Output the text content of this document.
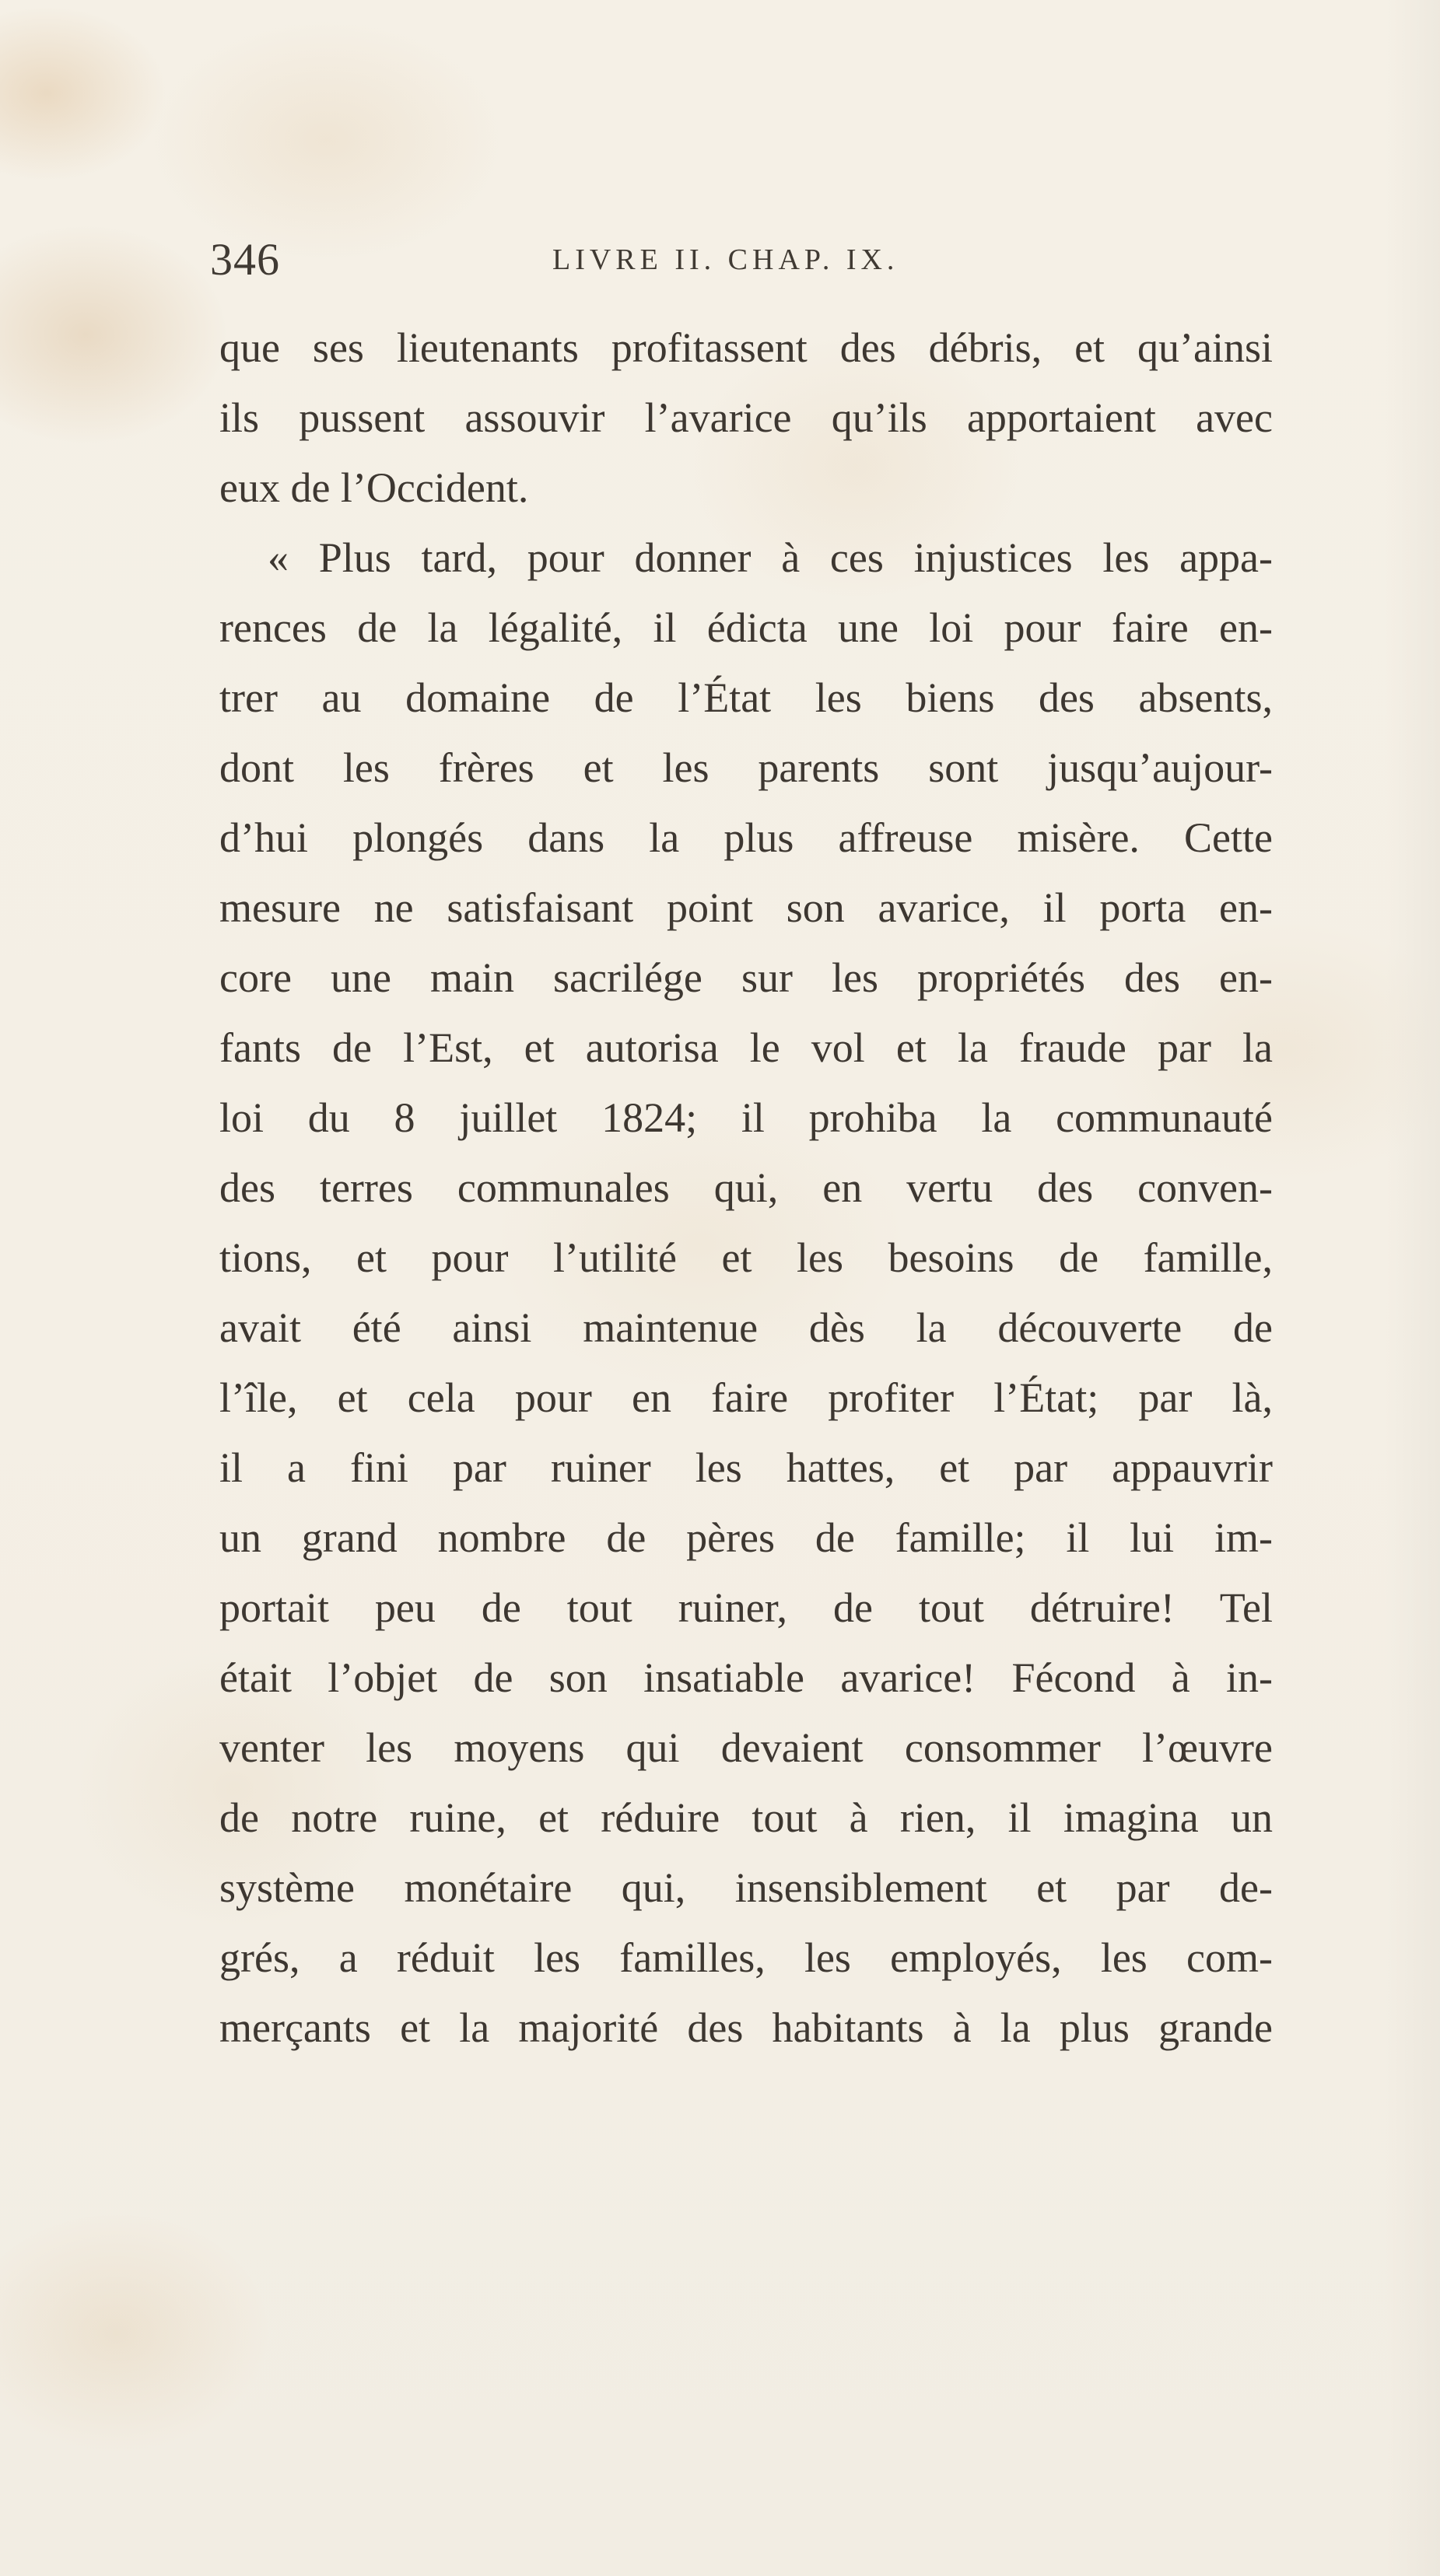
346	LIVRE II. CHAP. IX.
que ses lieutenants profitassent des débris, et qu’ainsi
ils pussent assouvir l’avarice qu’ils apportaient avec
eux de l’Occident.
« Plus tard, pour donner à ces injustices les appa-
rences de la légalité, il édicta une loi pour faire en-
trer au domaine de l’État les biens des absents,
dont les frères et les parents sont jusqu’aujour-
d’hui plongés dans la plus affreuse misère. Cette
mesure ne satisfaisant point son avarice, il porta en-
core une main sacrilége sur les propriétés des en-
fants de l’Est, et autorisa le vol et la fraude par la
loi du 8 juillet 1824; il prohiba la communauté
des terres communales qui, en vertu des conven-
tions, et pour l’utilité et les besoins de famille,
avait été ainsi maintenue dès la découverte de
l’île, et cela pour en faire profiter l’État; par là,
il a fini par ruiner les hattes, et par appauvrir
un grand nombre de pères de famille; il lui im-
portait peu de tout ruiner, de tout détruire! Tel
était l’objet de son insatiable avarice! Fécond à in-
venter les moyens qui devaient consommer l’œuvre
de notre ruine, et réduire tout à rien, il imagina un
système monétaire qui, insensiblement et par de-
grés, a réduit les familles, les employés, les com-
merçants et la majorité des habitants à la plus grande
